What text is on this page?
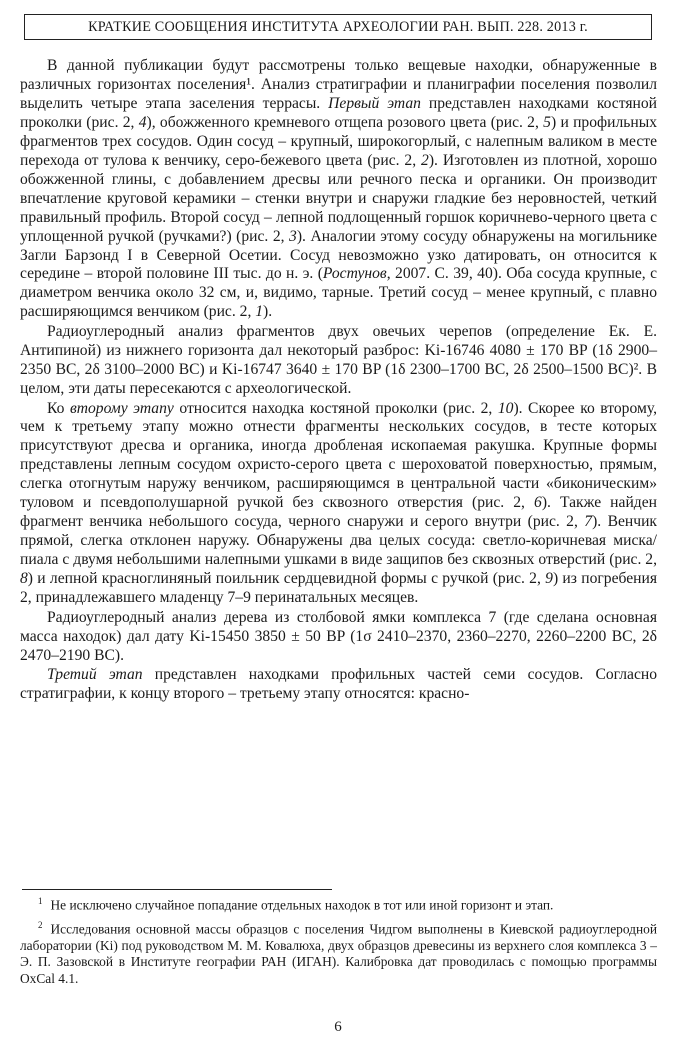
КРАТКИЕ СООБЩЕНИЯ ИНСТИТУТА АРХЕОЛОГИИ РАН. ВЫП. 228. 2013 г.

В данной публикации будут рассмотрены только вещевые находки, обнаруженные в различных горизонтах поселения¹. Анализ стратиграфии и планиграфии поселения позволил выделить четыре этапа заселения террасы. Первый этап представлен находками костяной проколки (рис. 2, 4), обожженного кремневого отщепа розового цвета (рис. 2, 5) и профильных фрагментов трех сосудов. Один сосуд – крупный, широкогорлый, с налепным валиком в месте перехода от тулова к венчику, серо-бежевого цвета (рис. 2, 2). Изготовлен из плотной, хорошо обожженной глины, с добавлением дресвы или речного песка и органики. Он производит впечатление круговой керамики – стенки внутри и снаружи гладкие без неровностей, четкий правильный профиль. Второй сосуд – лепной подлощенный горшок коричнево-черного цвета с уплощенной ручкой (ручками?) (рис. 2, 3). Аналогии этому сосуду обнаружены на могильнике Загли Барзонд I в Северной Осетии. Сосуд невозможно узко датировать, он относится к середине – второй половине III тыс. до н. э. (Ростунов, 2007. С. 39, 40). Оба сосуда крупные, с диаметром венчика около 32 см, и, видимо, тарные. Третий сосуд – менее крупный, с плавно расширяющимся венчиком (рис. 2, 1).

Радиоуглеродный анализ фрагментов двух овечьих черепов (определение Ек. Е. Антипиной) из нижнего горизонта дал некоторый разброс: Ki-16746 4080 ± 170 BP (1δ 2900–2350 BC, 2δ 3100–2000 BC) и Ki-16747 3640 ± 170 BP (1δ 2300–1700 BC, 2δ 2500–1500 BC)². В целом, эти даты пересекаются с археологической.

Ко второму этапу относится находка костяной проколки (рис. 2, 10). Скорее ко второму, чем к третьему этапу можно отнести фрагменты нескольких сосудов, в тесте которых присутствуют дресва и органика, иногда дробленая ископаемая ракушка. Крупные формы представлены лепным сосудом охристо-серого цвета с шероховатой поверхностью, прямым, слегка отогнутым наружу венчиком, расширяющимся в центральной части «биконическим» туловом и псевдополушарной ручкой без сквозного отверстия (рис. 2, 6). Также найден фрагмент венчика небольшого сосуда, черного снаружи и серого внутри (рис. 2, 7). Венчик прямой, слегка отклонен наружу. Обнаружены два целых сосуда: светло-коричневая миска/пиала с двумя небольшими налепными ушками в виде защипов без сквозных отверстий (рис. 2, 8) и лепной красноглиняный поильник сердцевидной формы с ручкой (рис. 2, 9) из погребения 2, принадлежавшего младенцу 7–9 перинатальных месяцев.

Радиоуглеродный анализ дерева из столбовой ямки комплекса 7 (где сделана основная масса находок) дал дату Ki-15450 3850 ± 50 BP (1σ 2410–2370, 2360–2270, 2260–2200 BC, 2δ 2470–2190 BC).

Третий этап представлен находками профильных частей семи сосудов. Согласно стратиграфии, к концу второго – третьему этапу относятся: красно-

$^1$ Не исключено случайное попадание отдельных находок в тот или иной горизонт и этап.

$^2$ Исследования основной массы образцов с поселения Чидгом выполнены в Киевской радиоуглеродной лаборатории (Ki) под руководством М. М. Ковалюха, двух образцов древесины из верхнего слоя комплекса 3 – Э. П. Зазовской в Институте географии РАН (ИГАН). Калибровка дат проводилась с помощью программы OxCal 4.1.

6
